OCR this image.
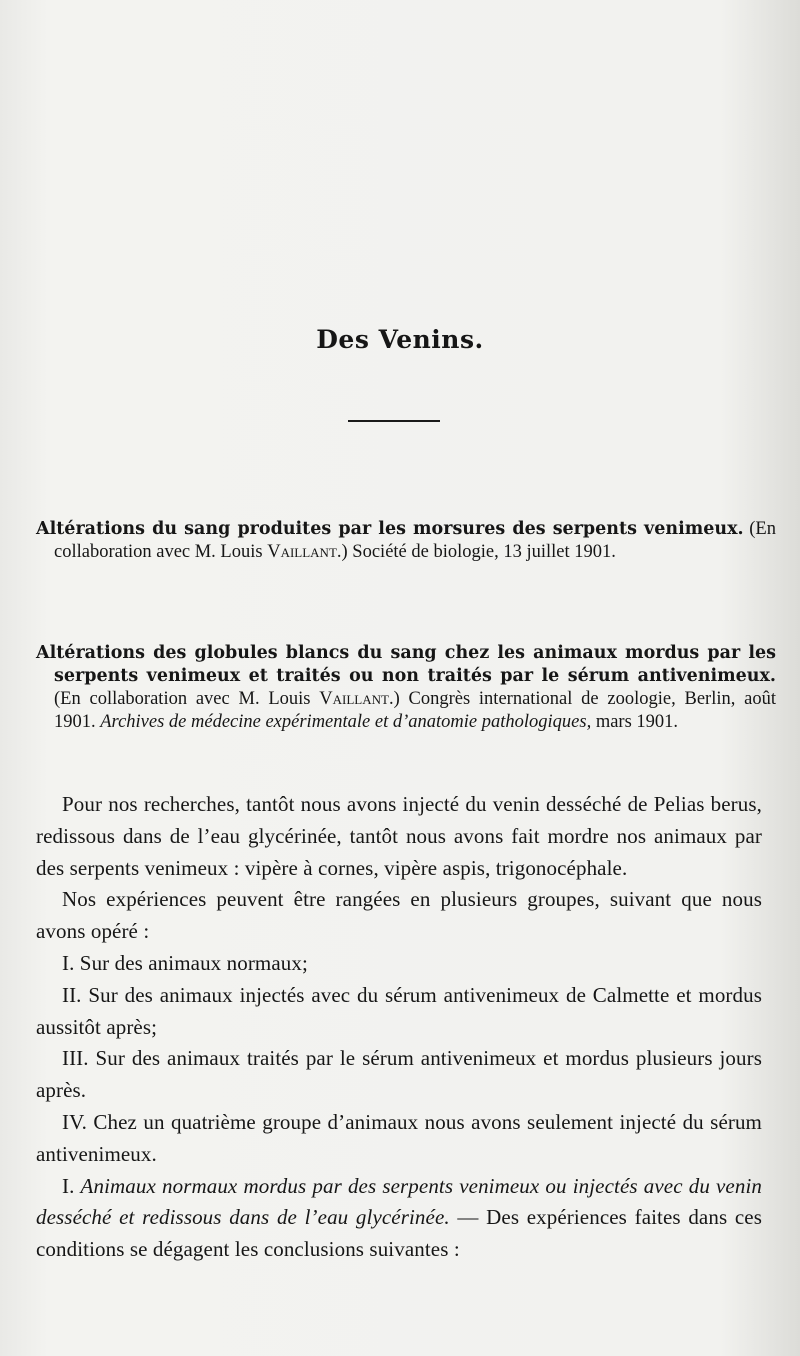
Des Venins.
Altérations du sang produites par les morsures des serpents venimeux. (En collaboration avec M. Louis Vaillant.) Société de biologie, 13 juillet 1901.
Altérations des globules blancs du sang chez les animaux mordus par les serpents venimeux et traités ou non traités par le sérum antivenimeux. (En collaboration avec M. Louis Vaillant.) Congrès international de zoologie, Berlin, août 1901. Archives de médecine expérimentale et d’anatomie pathologiques, mars 1901.

Pour nos recherches, tantôt nous avons injecté du venin desséché de Pelias berus, redissous dans de l’eau glycérinée, tantôt nous avons fait mordre nos animaux par des serpents venimeux : vipère à cornes, vipère aspis, trigonocéphale.

Nos expériences peuvent être rangées en plusieurs groupes, suivant que nous avons opéré :

I. Sur des animaux normaux;

II. Sur des animaux injectés avec du sérum antivenimeux de Calmette et mordus aussitôt après;

III. Sur des animaux traités par le sérum antivenimeux et mordus plusieurs jours après.

IV. Chez un quatrième groupe d’animaux nous avons seulement injecté du sérum antivenimeux.

I. Animaux normaux mordus par des serpents venimeux ou injectés avec du venin desséché et redissous dans de l’eau glycérinée. — Des expériences faites dans ces conditions se dégagent les conclusions suivantes :
